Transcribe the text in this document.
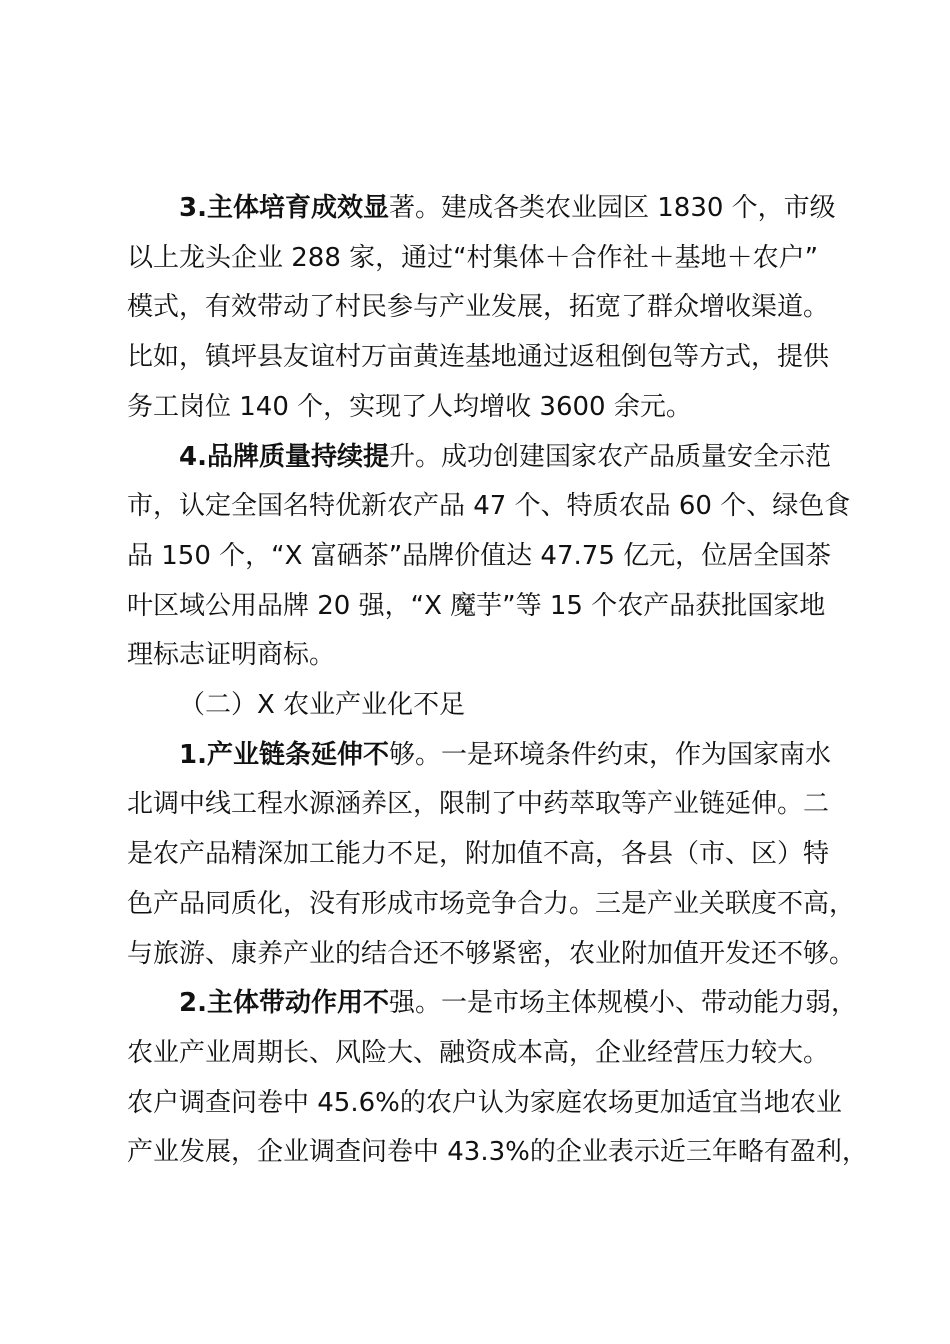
3.主体培育成效显著。建成各类农业园区 1830 个，市级
以上龙头企业 288 家，通过“村集体＋合作社＋基地＋农户”
模式，有效带动了村民参与产业发展，拓宽了群众增收渠道。
比如，镇坪县友谊村万亩黄连基地通过返租倒包等方式，提供
务工岗位 140 个，实现了人均增收 3600 余元。
4.品牌质量持续提升。成功创建国家农产品质量安全示范
市，认定全国名特优新农产品 47 个、特质农品 60 个、绿色食
品 150 个，“X 富硒茶”品牌价值达 47.75 亿元，位居全国茶
叶区域公用品牌 20 强，“X 魔芋”等 15 个农产品获批国家地
理标志证明商标。
（二）X 农业产业化不足
1.产业链条延伸不够。一是环境条件约束，作为国家南水
北调中线工程水源涵养区，限制了中药萃取等产业链延伸。二
是农产品精深加工能力不足，附加值不高，各县（市、区）特
色产品同质化，没有形成市场竞争合力。三是产业关联度不高，
与旅游、康养产业的结合还不够紧密，农业附加值开发还不够。
2.主体带动作用不强。一是市场主体规模小、带动能力弱，
农业产业周期长、风险大、融资成本高，企业经营压力较大。
农户调查问卷中 45.6%的农户认为家庭农场更加适宜当地农业
产业发展，企业调查问卷中 43.3%的企业表示近三年略有盈利，
